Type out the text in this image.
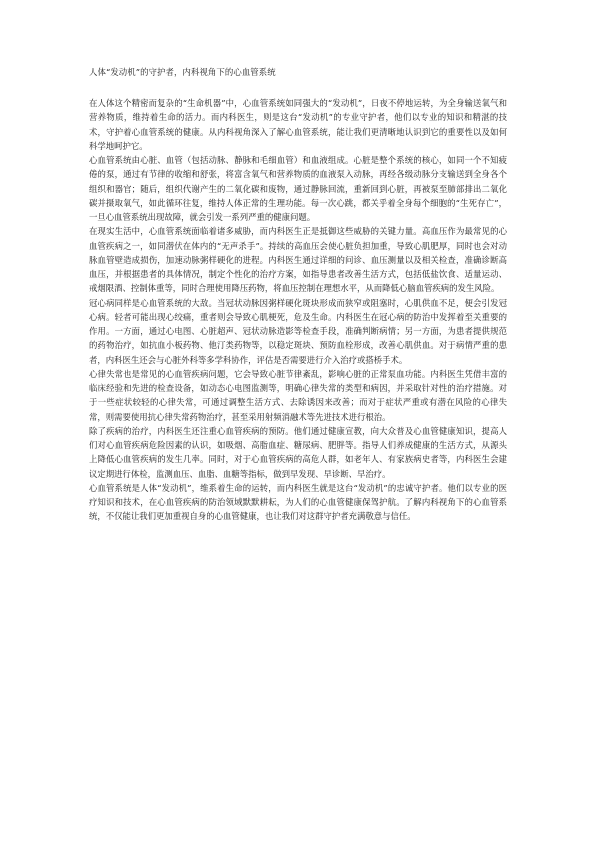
人体“发动机”的守护者，内科视角下的心血管系统

在人体这个精密而复杂的“生命机器”中，心血管系统如同强大的“发动机”，日夜不停地运转，为全身输送氧气和营养物质，维持着生命的活力。而内科医生，则是这台“发动机”的专业守护者，他们以专业的知识和精湛的技术，守护着心血管系统的健康。从内科视角深入了解心血管系统，能让我们更清晰地认识到它的重要性以及如何科学地呵护它。

心血管系统由心脏、血管（包括动脉、静脉和毛细血管）和血液组成。心脏是整个系统的核心，如同一个不知疲倦的泵，通过有节律的收缩和舒张，将富含氧气和营养物质的血液泵入动脉，再经各级动脉分支输送到全身各个组织和器官；随后，组织代谢产生的二氧化碳和废物，通过静脉回流，重新回到心脏，再被泵至肺部排出二氧化碳并摄取氧气，如此循环往复，维持人体正常的生理功能。每一次心跳，都关乎着全身每个细胞的“生死存亡”，一旦心血管系统出现故障，就会引发一系列严重的健康问题。

在现实生活中，心血管系统面临着诸多威胁，而内科医生正是抵御这些威胁的关键力量。高血压作为最常见的心血管疾病之一，如同潜伏在体内的“无声杀手”。持续的高血压会使心脏负担加重，导致心肌肥厚，同时也会对动脉血管壁造成损伤，加速动脉粥样硬化的进程。内科医生通过详细的问诊、血压测量以及相关检查，准确诊断高血压，并根据患者的具体情况，制定个性化的治疗方案，如指导患者改善生活方式，包括低盐饮食、适量运动、戒烟限酒、控制体重等，同时合理使用降压药物，将血压控制在理想水平，从而降低心脑血管疾病的发生风险。

冠心病同样是心血管系统的大敌。当冠状动脉因粥样硬化斑块形成而狭窄或阻塞时，心肌供血不足，便会引发冠心病。轻者可能出现心绞痛，重者则会导致心肌梗死，危及生命。内科医生在冠心病的防治中发挥着至关重要的作用。一方面，通过心电图、心脏超声、冠状动脉造影等检查手段，准确判断病情；另一方面，为患者提供规范的药物治疗，如抗血小板药物、他汀类药物等，以稳定斑块、预防血栓形成，改善心肌供血。对于病情严重的患者，内科医生还会与心脏外科等多学科协作，评估是否需要进行介入治疗或搭桥手术。

心律失常也是常见的心血管疾病问题，它会导致心脏节律紊乱，影响心脏的正常泵血功能。内科医生凭借丰富的临床经验和先进的检查设备，如动态心电图监测等，明确心律失常的类型和病因，并采取针对性的治疗措施。对于一些症状较轻的心律失常，可通过调整生活方式、去除诱因来改善；而对于症状严重或有潜在风险的心律失常，则需要使用抗心律失常药物治疗，甚至采用射频消融术等先进技术进行根治。

除了疾病的治疗，内科医生还注重心血管疾病的预防。他们通过健康宣教，向大众普及心血管健康知识，提高人们对心血管疾病危险因素的认识，如吸烟、高脂血症、糖尿病、肥胖等。指导人们养成健康的生活方式，从源头上降低心血管疾病的发生几率。同时，对于心血管疾病的高危人群，如老年人、有家族病史者等，内科医生会建议定期进行体检，监测血压、血脂、血糖等指标，做到早发现、早诊断、早治疗。

心血管系统是人体“发动机”，维系着生命的运转，而内科医生就是这台“发动机”的忠诚守护者。他们以专业的医疗知识和技术，在心血管疾病的防治领域默默耕耘，为人们的心血管健康保驾护航。了解内科视角下的心血管系统，不仅能让我们更加重视自身的心血管健康，也让我们对这群守护者充满敬意与信任。
